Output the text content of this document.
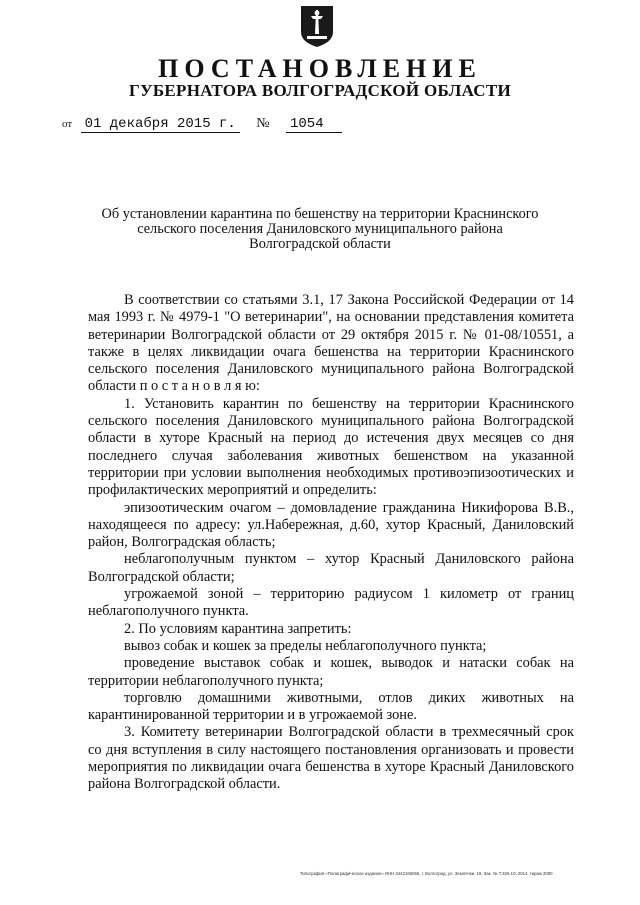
ПОСТАНОВЛЕНИЕ
ГУБЕРНАТОРА ВОЛГОГРАДСКОЙ ОБЛАСТИ
от 01 декабря 2015 г. № 1054
Об установлении карантина по бешенству на территории Краснинского
сельского поселения Даниловского муниципального района
Волгоградской области

В соответствии со статьями 3.1, 17 Закона Российской Федерации от 14 мая 1993 г. № 4979-1 "О ветеринарии", на основании представления комитета ветеринарии Волгоградской области от 29 октября 2015 г. № 01-08/10551, а также в целях ликвидации очага бешенства на территории Краснинского сельского поселения Даниловского муниципального района Волгоградской области п о с т а н о в л я ю:

1. Установить карантин по бешенству на территории Краснинского сельского поселения Даниловского муниципального района Волгоградской области в хуторе Красный на период до истечения двух месяцев со дня последнего случая заболевания животных бешенством на указанной территории при условии выполнения необходимых противоэпизоотических и профилактических мероприятий и определить:

эпизоотическим очагом – домовладение гражданина Никифорова В.В., находящееся по адресу: ул.Набережная, д.60, хутор Красный, Даниловский район, Волгоградская область;

неблагополучным пунктом – хутор Красный Даниловского района Волгоградской области;

угрожаемой зоной – территорию радиусом 1 километр от границ неблагополучного пункта.

2. По условиям карантина запретить:

вывоз собак и кошек за пределы неблагополучного пункта;

проведение выставок собак и кошек, выводок и натаски собак на территории неблагополучного пункта;

торговлю домашними животными, отлов диких животных на карантинированной территории и в угрожаемой зоне.

3. Комитету ветеринарии Волгоградской области в трехмесячный срок со дня вступления в силу настоящего постановления организовать и провести мероприятия по ликвидации очага бешенства в хуторе Красный Даниловского района Волгоградской области.

Типография «Полиграфическое издание» ИНН 3442166066, г. Волгоград, ул. Землячки, 19, Зак. № Т.326-10, 2014, тираж 2000
